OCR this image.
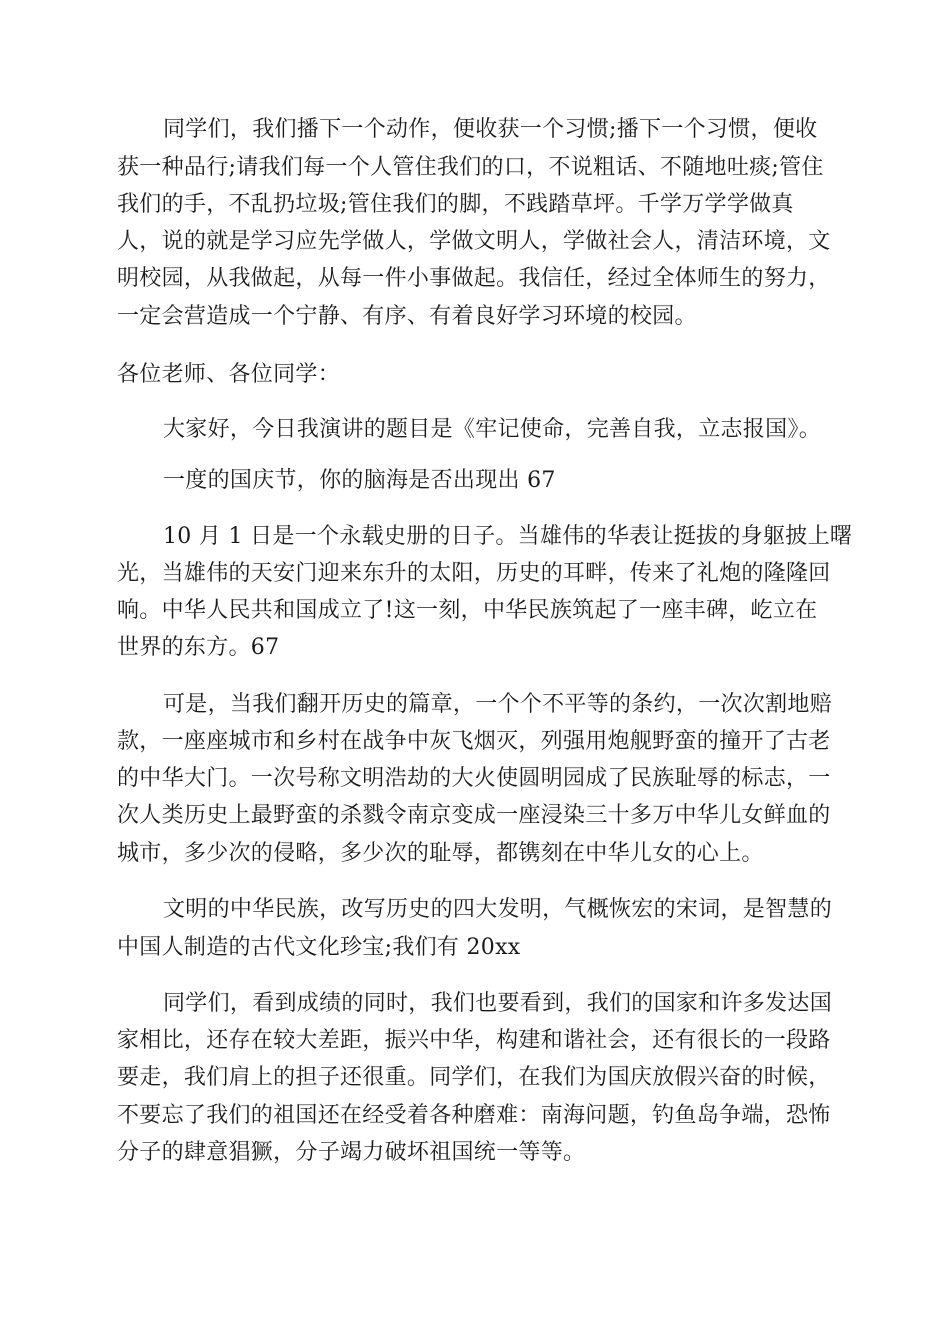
同学们，我们播下一个动作，便收获一个习惯;播下一个习惯，便收
获一种品行;请我们每一个人管住我们的口，不说粗话、不随地吐痰;管住
我们的手，不乱扔垃圾;管住我们的脚，不践踏草坪。千学万学学做真
人，说的就是学习应先学做人，学做文明人，学做社会人，清洁环境，文
明校园，从我做起，从每一件小事做起。我信任，经过全体师生的努力，
一定会营造成一个宁静、有序、有着良好学习环境的校园。
各位老师、各位同学：
大家好，今日我演讲的题目是《牢记使命，完善自我，立志报国》。
一度的国庆节，你的脑海是否出现出 67
10 月 1 日是一个永载史册的日子。当雄伟的华表让挺拔的身躯披上曙
光，当雄伟的天安门迎来东升的太阳，历史的耳畔，传来了礼炮的隆隆回
响。中华人民共和国成立了!这一刻，中华民族筑起了一座丰碑，屹立在
世界的东方。67
可是，当我们翻开历史的篇章，一个个不平等的条约，一次次割地赔
款，一座座城市和乡村在战争中灰飞烟灭，列强用炮舰野蛮的撞开了古老
的中华大门。一次号称文明浩劫的大火使圆明园成了民族耻辱的标志，一
次人类历史上最野蛮的杀戮令南京变成一座浸染三十多万中华儿女鲜血的
城市，多少次的侵略，多少次的耻辱，都镌刻在中华儿女的心上。
文明的中华民族，改写历史的四大发明，气概恢宏的宋词，是智慧的
中国人制造的古代文化珍宝;我们有 20xx
同学们，看到成绩的同时，我们也要看到，我们的国家和许多发达国
家相比，还存在较大差距，振兴中华，构建和谐社会，还有很长的一段路
要走，我们肩上的担子还很重。同学们，在我们为国庆放假兴奋的时候，
不要忘了我们的祖国还在经受着各种磨难：南海问题，钓鱼岛争端，恐怖
分子的肆意猖獗，分子竭力破坏祖国统一等等。
